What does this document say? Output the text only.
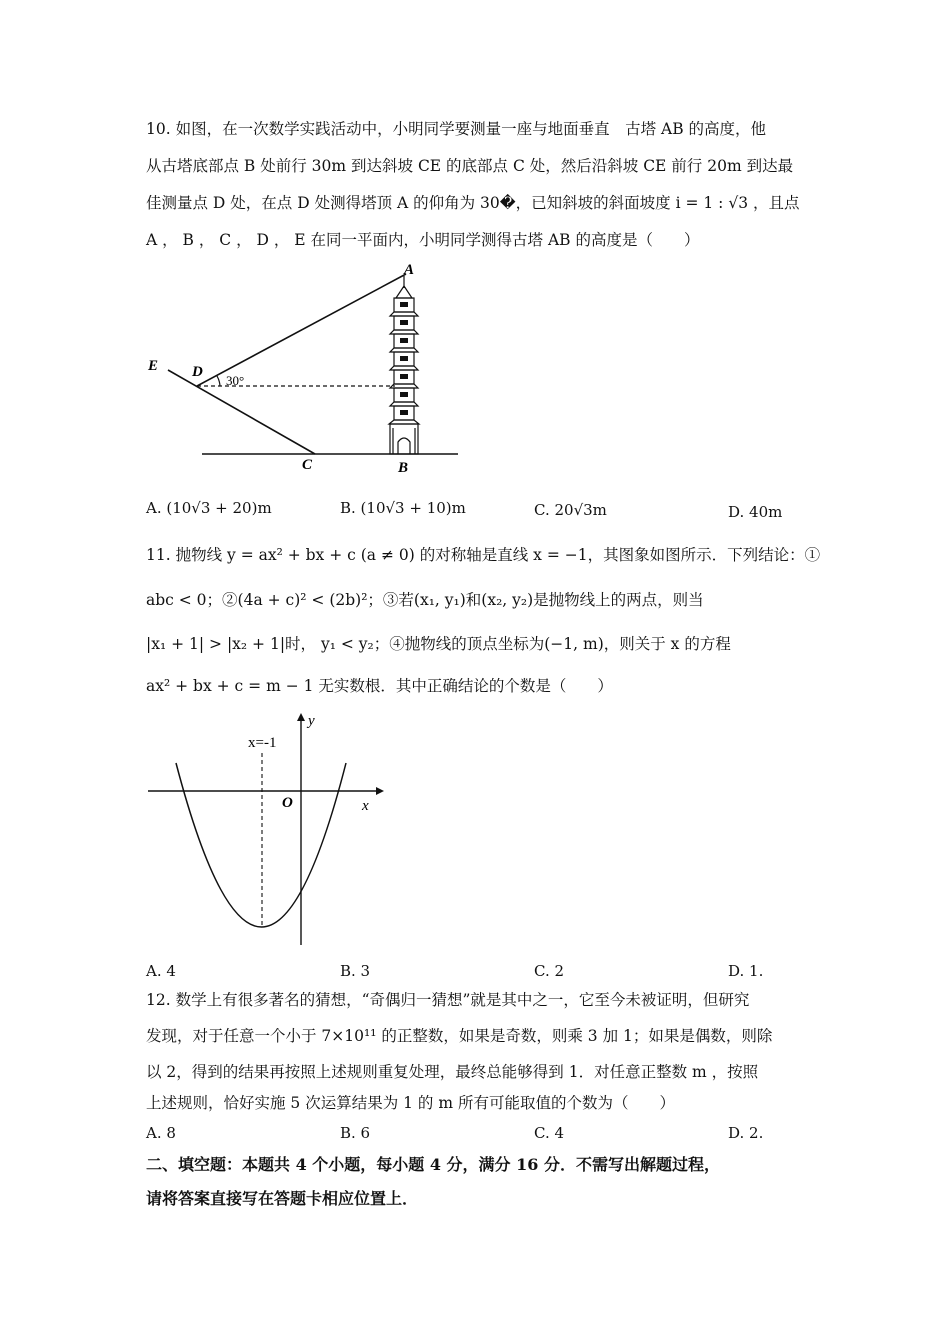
10. 如图，在一次数学实践活动中，小明同学要测量一座与地面垂直　古塔 AB 的高度，他
从古塔底部点 B 处前行 30m 到达斜坡 CE 的底部点 C 处，然后沿斜坡 CE 前行 20m 到达最
佳测量点 D 处，在点 D 处测得塔顶 A 的仰角为 30�，已知斜坡的斜面坡度 i = 1 : √3 ，且点
A ， B ， C ， D ， E 在同一平面内，小明同学测得古塔 AB 的高度是（　　）
A
B
C
D
E
30°
A. (10√3 + 20)m	B. (10√3 + 10)m	C. 20√3m	D. 40m
11. 抛物线 y = ax² + bx + c (a ≠ 0) 的对称轴是直线 x = −1，其图象如图所示．下列结论：①
abc < 0；②(4a + c)² < (2b)²；③若(x₁, y₁)和(x₂, y₂)是抛物线上的两点，则当
|x₁ + 1| > |x₂ + 1|时， y₁ < y₂；④抛物线的顶点坐标为(−1, m)，则关于 x 的方程
ax² + bx + c = m − 1 无实数根．其中正确结论的个数是（　　）
x=-1
x
y
O
A. 4	B. 3	C. 2	D. 1.
12. 数学上有很多著名的猜想，“奇偶归一猜想”就是其中之一，它至今未被证明，但研究
发现，对于任意一个小于 7×10¹¹ 的正整数，如果是奇数，则乘 3 加 1；如果是偶数，则除
以 2，得到的结果再按照上述规则重复处理，最终总能够得到 1．对任意正整数 m ，按照
上述规则，恰好实施 5 次运算结果为 1 的 m 所有可能取值的个数为（　　）
A. 8	B. 6	C. 4	D. 2.
二、填空题：本题共 4 个小题，每小题 4 分，满分 16 分．不需写出解题过程，
请将答案直接写在答题卡相应位置上．
